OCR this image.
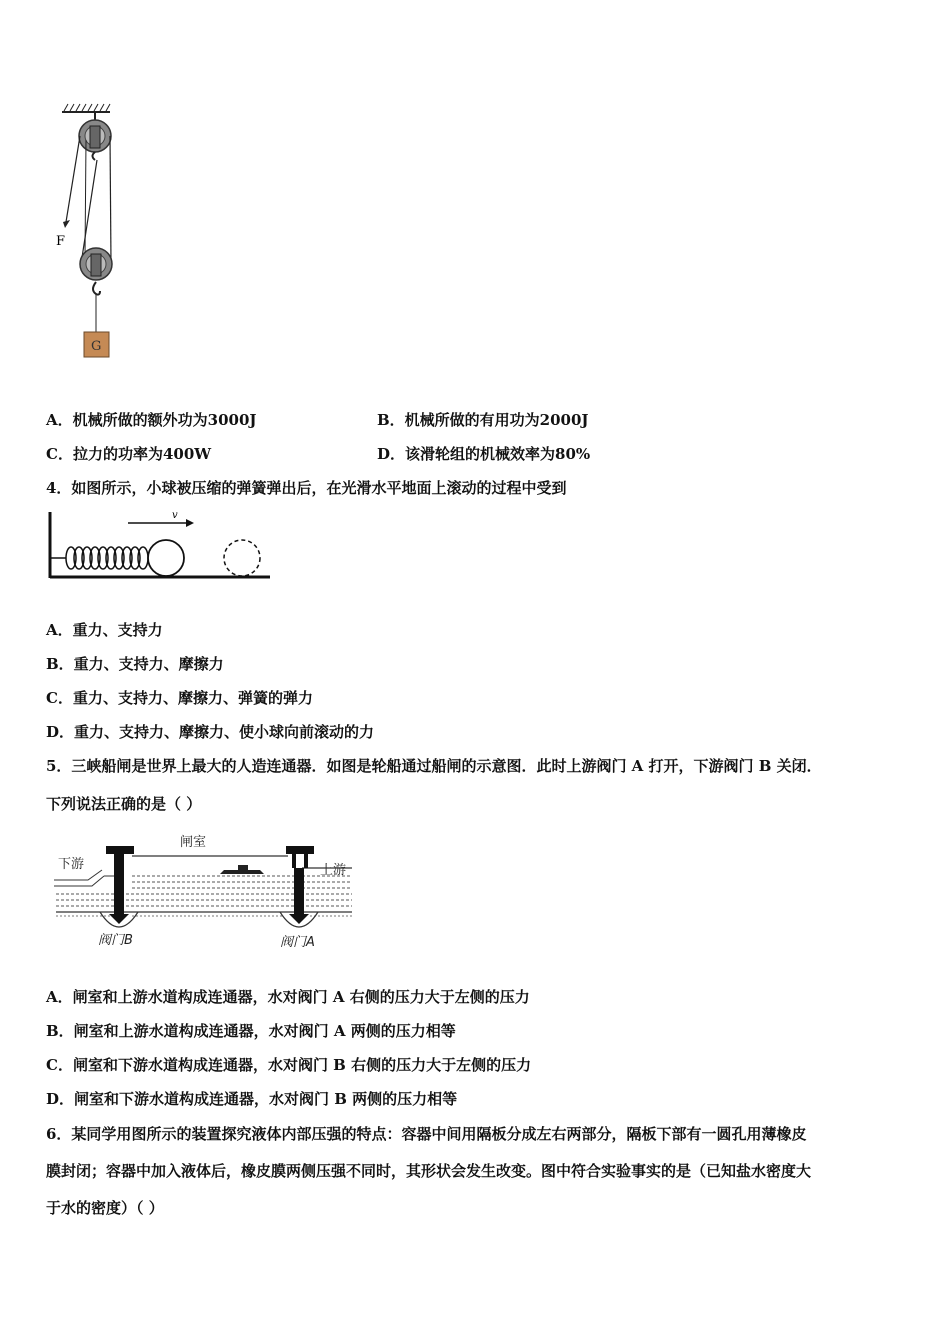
F
G
A．机械所做的额外功为3000J	B．机械所做的有用功为2000J
C．拉力的功率为400W	D．该滑轮组的机械效率为80%
4．如图所示，小球被压缩的弹簧弹出后，在光滑水平地面上滚动的过程中受到
v
A．重力、支持力
B．重力、支持力、摩擦力
C．重力、支持力、摩擦力、弹簧的弹力
D．重力、支持力、摩擦力、使小球向前滚动的力
5．三峡船闸是世界上最大的人造连通器．如图是轮船通过船闸的示意图．此时上游阀门 A 打开，下游阀门 B 关闭．
下列说法正确的是（ ）
闸室
下游	上游
阀门B	阀门A
A．闸室和上游水道构成连通器，水对阀门 A 右侧的压力大于左侧的压力
B．闸室和上游水道构成连通器，水对阀门 A 两侧的压力相等
C．闸室和下游水道构成连通器，水对阀门 B 右侧的压力大于左侧的压力
D．闸室和下游水道构成连通器，水对阀门 B 两侧的压力相等
6．某同学用图所示的装置探究液体内部压强的特点：容器中间用隔板分成左右两部分，隔板下部有一圆孔用薄橡皮
膜封闭；容器中加入液体后，橡皮膜两侧压强不同时，其形状会发生改变。图中符合实验事实的是（已知盐水密度大
于水的密度）（ ）
